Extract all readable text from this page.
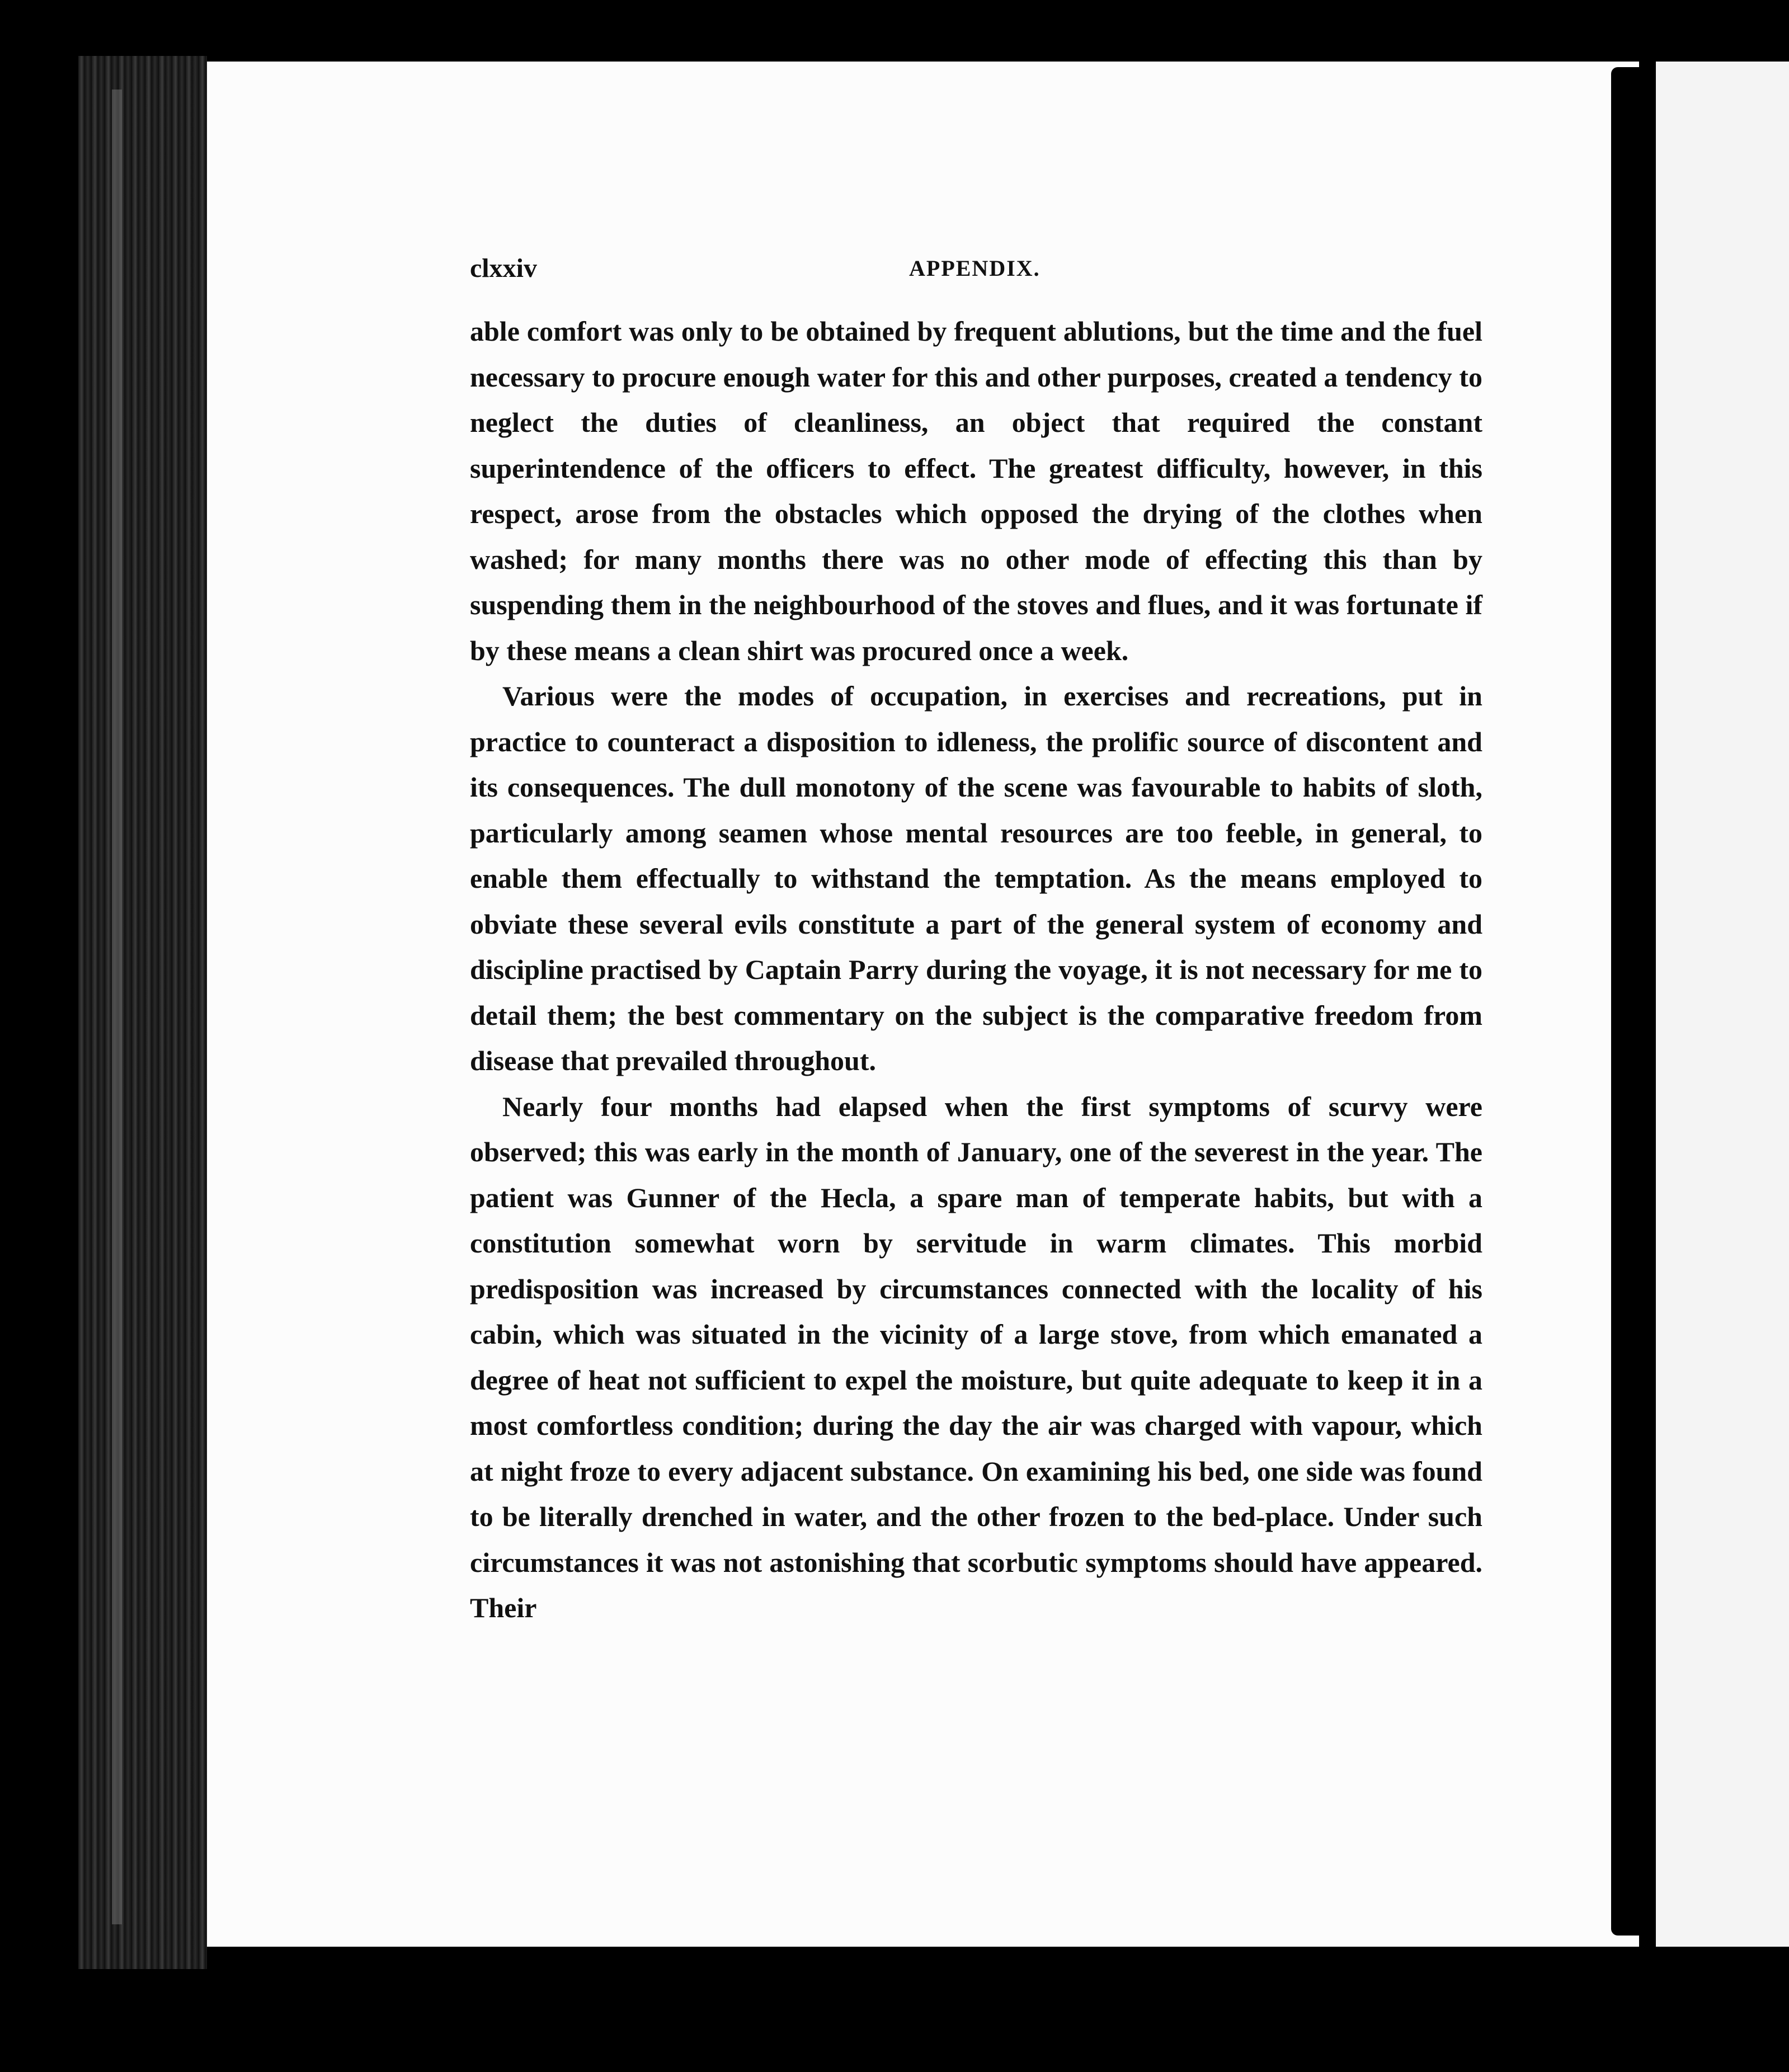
clxxiv	APPENDIX.

able comfort was only to be obtained by frequent ablutions, but the time and the fuel necessary to procure enough water for this and other purposes, created a tendency to neglect the duties of cleanliness, an object that required the constant superintendence of the officers to effect. The greatest difficulty, however, in this respect, arose from the obstacles which opposed the drying of the clothes when washed; for many months there was no other mode of effecting this than by suspending them in the neighbourhood of the stoves and flues, and it was fortunate if by these means a clean shirt was procured once a week.

Various were the modes of occupation, in exercises and recreations, put in practice to counteract a disposition to idleness, the prolific source of discontent and its consequences. The dull monotony of the scene was favourable to habits of sloth, particularly among seamen whose mental resources are too feeble, in general, to enable them effectually to withstand the temptation. As the means employed to obviate these several evils constitute a part of the general system of economy and discipline practised by Captain Parry during the voyage, it is not necessary for me to detail them; the best commentary on the subject is the comparative freedom from disease that prevailed throughout.

Nearly four months had elapsed when the first symptoms of scurvy were observed; this was early in the month of January, one of the severest in the year. The patient was Gunner of the Hecla, a spare man of temperate habits, but with a constitution somewhat worn by servitude in warm climates. This morbid predisposition was increased by circumstances connected with the locality of his cabin, which was situated in the vicinity of a large stove, from which emanated a degree of heat not sufficient to expel the moisture, but quite adequate to keep it in a most comfortless condition; during the day the air was charged with vapour, which at night froze to every adjacent substance. On examining his bed, one side was found to be literally drenched in water, and the other frozen to the bed-place. Under such circumstances it was not astonishing that scorbutic symptoms should have appeared. Their
